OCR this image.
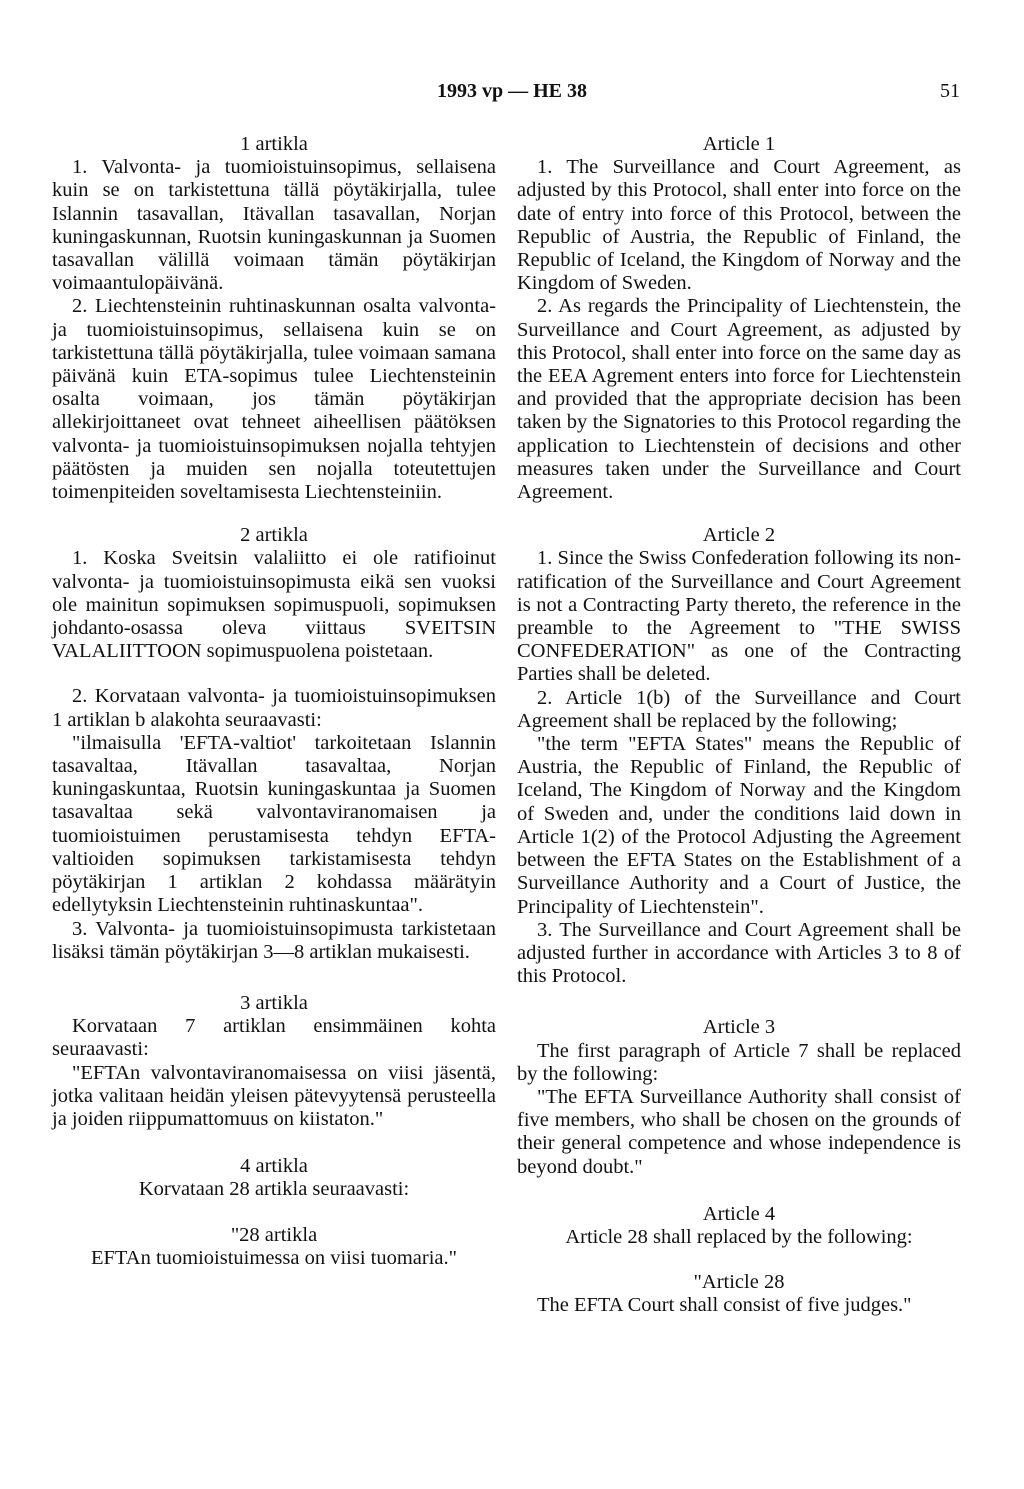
1993 vp — HE 38	51

1 artikla

1. Valvonta- ja tuomioistuinsopimus, sellaisena kuin se on tarkistettuna tällä pöytäkirjalla, tulee Islannin tasavallan, Itävallan tasavallan, Norjan kuningaskunnan, Ruotsin kuningaskunnan ja Suomen tasavallan välillä voimaan tämän pöytäkirjan voimaantulopäivänä.

2. Liechtensteinin ruhtinaskunnan osalta valvonta- ja tuomioistuinsopimus, sellaisena kuin se on tarkistettuna tällä pöytäkirjalla, tulee voimaan samana päivänä kuin ETA-sopimus tulee Liechtensteinin osalta voimaan, jos tämän pöytäkirjan allekirjoittaneet ovat tehneet aiheellisen päätöksen valvonta- ja tuomioistuinsopimuksen nojalla tehtyjen päätösten ja muiden sen nojalla toteutettujen toimenpiteiden soveltamisesta Liechtensteiniin.

2 artikla

1. Koska Sveitsin valaliitto ei ole ratifioinut valvonta- ja tuomioistuinsopimusta eikä sen vuoksi ole mainitun sopimuksen sopimuspuoli, sopimuksen johdanto-osassa oleva viittaus SVEITSIN VALALIITTOON sopimuspuolena poistetaan.

2. Korvataan valvonta- ja tuomioistuinsopimuksen 1 artiklan b alakohta seuraavasti:

"ilmaisulla 'EFTA-valtiot' tarkoitetaan Islannin tasavaltaa, Itävallan tasavaltaa, Norjan kuningaskuntaa, Ruotsin kuningaskuntaa ja Suomen tasavaltaa sekä valvontaviranomaisen ja tuomioistuimen perustamisesta tehdyn EFTA-valtioiden sopimuksen tarkistamisesta tehdyn pöytäkirjan 1 artiklan 2 kohdassa määrätyin edellytyksin Liechtensteinin ruhtinaskuntaa".

3. Valvonta- ja tuomioistuinsopimusta tarkistetaan lisäksi tämän pöytäkirjan 3—8 artiklan mukaisesti.

3 artikla

Korvataan 7 artiklan ensimmäinen kohta seuraavasti:

"EFTAn valvontaviranomaisessa on viisi jäsentä, jotka valitaan heidän yleisen pätevyytensä perusteella ja joiden riippumattomuus on kiistaton."

4 artikla

Korvataan 28 artikla seuraavasti:

"28 artikla

EFTAn tuomioistuimessa on viisi tuomaria."

Article 1

1. The Surveillance and Court Agreement, as adjusted by this Protocol, shall enter into force on the date of entry into force of this Protocol, between the Republic of Austria, the Republic of Finland, the Republic of Iceland, the Kingdom of Norway and the Kingdom of Sweden.

2. As regards the Principality of Liechtenstein, the Surveillance and Court Agreement, as adjusted by this Protocol, shall enter into force on the same day as the EEA Agrement enters into force for Liechtenstein and provided that the appropriate decision has been taken by the Signatories to this Protocol regarding the application to Liechtenstein of decisions and other measures taken under the Surveillance and Court Agreement.

Article 2

1. Since the Swiss Confederation following its non-ratification of the Surveillance and Court Agreement is not a Contracting Party thereto, the reference in the preamble to the Agreement to "THE SWISS CONFEDERATION" as one of the Contracting Parties shall be deleted.

2. Article 1(b) of the Surveillance and Court Agreement shall be replaced by the following;

"the term "EFTA States" means the Republic of Austria, the Republic of Finland, the Republic of Iceland, The Kingdom of Norway and the Kingdom of Sweden and, under the conditions laid down in Article 1(2) of the Protocol Adjusting the Agreement between the EFTA States on the Establishment of a Surveillance Authority and a Court of Justice, the Principality of Liechtenstein".

3. The Surveillance and Court Agreement shall be adjusted further in accordance with Articles 3 to 8 of this Protocol.

Article 3

The first paragraph of Article 7 shall be replaced by the following:

"The EFTA Surveillance Authority shall consist of five members, who shall be chosen on the grounds of their general competence and whose independence is beyond doubt."

Article 4

Article 28 shall replaced by the following:

"Article 28

The EFTA Court shall consist of five judges."
